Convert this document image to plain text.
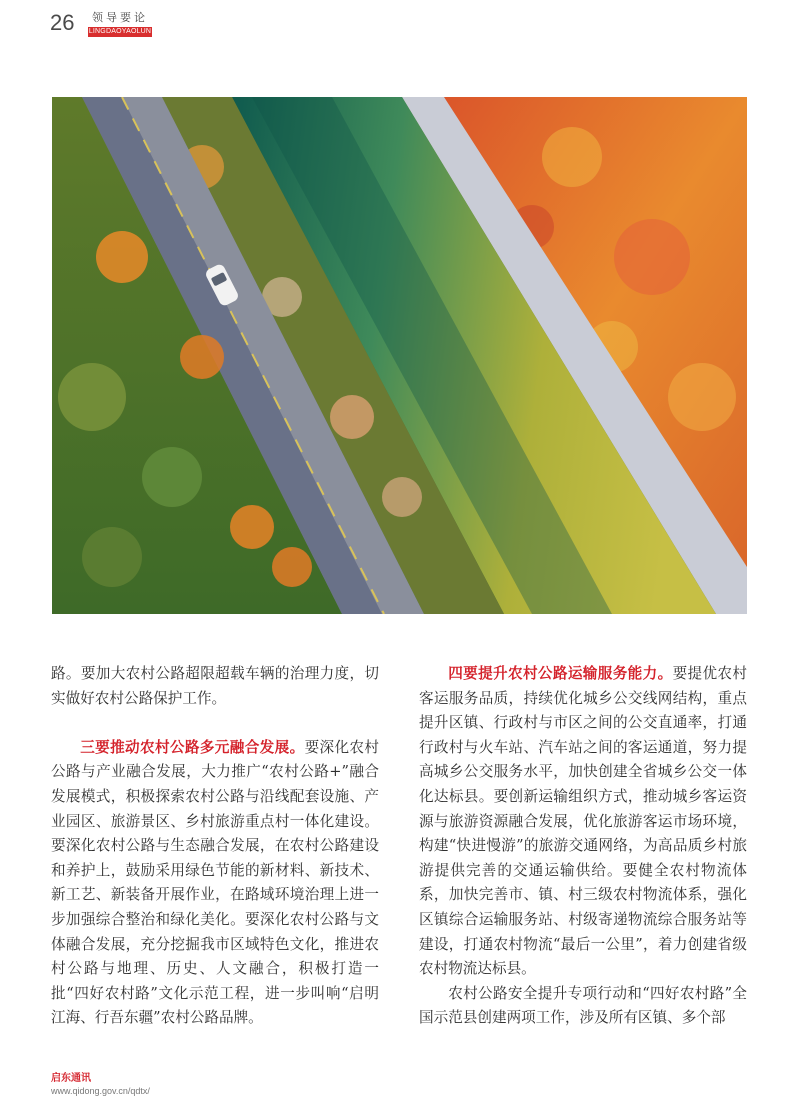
26	领导要论
LINGDAOYAOLUN

路。要加大农村公路超限超载车辆的治理力度，切实做好农村公路保护工作。

三要推动农村公路多元融合发展。要深化农村公路与产业融合发展，大力推广“农村公路+”融合发展模式，积极探索农村公路与沿线配套设施、产业园区、旅游景区、乡村旅游重点村一体化建设。要深化农村公路与生态融合发展，在农村公路建设和养护上，鼓励采用绿色节能的新材料、新技术、新工艺、新装备开展作业，在路域环境治理上进一步加强综合整治和绿化美化。要深化农村公路与文体融合发展，充分挖掘我市区域特色文化，推进农村公路与地理、历史、人文融合，积极打造一批“四好农村路”文化示范工程，进一步叫响“启明江海、行吾东疆”农村公路品牌。

四要提升农村公路运输服务能力。要提优农村客运服务品质，持续优化城乡公交线网结构，重点提升区镇、行政村与市区之间的公交直通率，打通行政村与火车站、汽车站之间的客运通道，努力提高城乡公交服务水平，加快创建全省城乡公交一体化达标县。要创新运输组织方式，推动城乡客运资源与旅游资源融合发展，优化旅游客运市场环境，构建“快进慢游”的旅游交通网络，为高品质乡村旅游提供完善的交通运输供给。要健全农村物流体系，加快完善市、镇、村三级农村物流体系，强化区镇综合运输服务站、村级寄递物流综合服务站等建设，打通农村物流“最后一公里”，着力创建省级农村物流达标县。

农村公路安全提升专项行动和“四好农村路”全国示范县创建两项工作，涉及所有区镇、多个部

启东通讯
www.qidong.gov.cn/qdtx/
